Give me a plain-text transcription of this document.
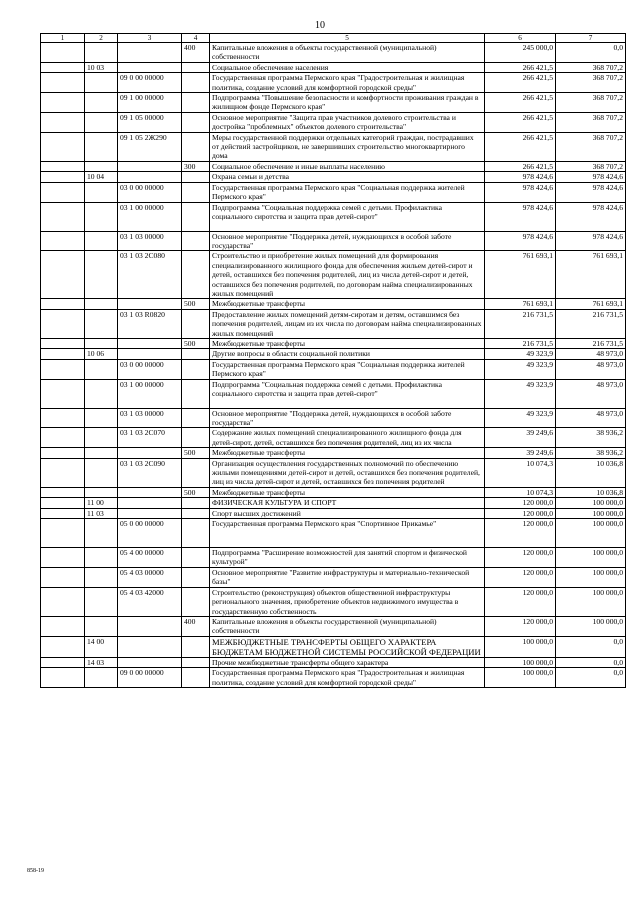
10
1	2	3	4	5	6	7
			400	Капитальные вложения в объекты государственной (муниципальной) собственности	245 000,0	0,0
	10 03			Социальное обеспечение населения	266 421,5	368 707,2
		09 0 00 00000		Государственная программа Пермского края "Градостроительная и жилищная политика, создание условий для комфортной городской среды"	266 421,5	368 707,2
		09 1 00 00000		Подпрограмма "Повышение безопасности и комфортности проживания граждан в жилищном фонде Пермского края"	266 421,5	368 707,2
		09 1 05 00000		Основное мероприятие "Защита прав участников долевого строительства и достройка "проблемных" объектов долевого строительства"	266 421,5	368 707,2
		09 1 05 2Ж290		Меры государственной поддержки отдельных категорий граждан, пострадавших от действий застройщиков, не завершивших строительство многоквартирного дома	266 421,5	368 707,2
			300	Социальное обеспечение и иные выплаты населению	266 421,5	368 707,2
	10 04			Охрана семьи и детства	978 424,6	978 424,6
		03 0 00 00000		Государственная программа Пермского края "Социальная поддержка жителей Пермского края"	978 424,6	978 424,6
		03 1 00 00000		Подпрограмма "Социальная поддержка семей с детьми. Профилактика социального сиротства и защита прав детей-сирот"	978 424,6	978 424,6
		03 1 03 00000		Основное мероприятие "Поддержка детей, нуждающихся в особой заботе государства"	978 424,6	978 424,6
		03 1 03 2С080		Строительство и приобретение жилых помещений для формирования специализированного жилищного фонда для обеспечения жильем детей-сирот и детей, оставшихся без попечения родителей, лиц из числа детей-сирот и детей, оставшихся без попечения родителей, по договорам найма специализированных жилых помещений	761 693,1	761 693,1
			500	Межбюджетные трансферты	761 693,1	761 693,1
		03 1 03 R0820		Предоставление жилых помещений детям-сиротам и детям, оставшимся без попечения родителей, лицам из их числа по договорам найма специализированных жилых помещений	216 731,5	216 731,5
			500	Межбюджетные трансферты	216 731,5	216 731,5
	10 06			Другие вопросы в области социальной политики	49 323,9	48 973,0
		03 0 00 00000		Государственная программа Пермского края "Социальная поддержка жителей Пермского края"	49 323,9	48 973,0
		03 1 00 00000		Подпрограмма "Социальная поддержка семей с детьми. Профилактика социального сиротства и защита прав детей-сирот"	49 323,9	48 973,0
		03 1 03 00000		Основное мероприятие "Поддержка детей, нуждающихся в особой заботе государства"	49 323,9	48 973,0
		03 1 03 2С070		Содержание жилых помещений специализированного жилищного фонда для детей-сирот, детей, оставшихся без попечения родителей, лиц из их числа	39 249,6	38 936,2
			500	Межбюджетные трансферты	39 249,6	38 936,2
		03 1 03 2С090		Организация осуществления государственных полномочий по обеспечению жилыми помещениями детей-сирот и детей, оставшихся без попечения родителей, лиц из числа детей-сирот и детей, оставшихся без попечения родителей	10 074,3	10 036,8
			500	Межбюджетные трансферты	10 074,3	10 036,8
	11 00			ФИЗИЧЕСКАЯ КУЛЬТУРА И СПОРТ	120 000,0	100 000,0
	11 03			Спорт высших достижений	120 000,0	100 000,0
		05 0 00 00000		Государственная программа Пермского края "Спортивное Прикамье"	120 000,0	100 000,0
		05 4 00 00000		Подпрограмма "Расширение возможностей для занятий спортом и физической культурой"	120 000,0	100 000,0
		05 4 03 00000		Основное мероприятие "Развитие инфраструктуры и материально-технической базы"	120 000,0	100 000,0
		05 4 03 42000		Строительство (реконструкция) объектов общественной инфраструктуры регионального значения, приобретение объектов недвижимого имущества в государственную собственность	120 000,0	100 000,0
			400	Капитальные вложения в объекты государственной (муниципальной) собственности	120 000,0	100 000,0
	14 00			МЕЖБЮДЖЕТНЫЕ ТРАНСФЕРТЫ ОБЩЕГО ХАРАКТЕРА БЮДЖЕТАМ БЮДЖЕТНОЙ СИСТЕМЫ РОССИЙСКОЙ ФЕДЕРАЦИИ	100 000,0	0,0
	14 03			Прочие межбюджетные трансферты общего характера	100 000,0	0,0
		09 0 00 00000		Государственная программа Пермского края "Градостроительная и жилищная политика, создание условий для комфортной городской среды"	100 000,0	0,0
858-19
